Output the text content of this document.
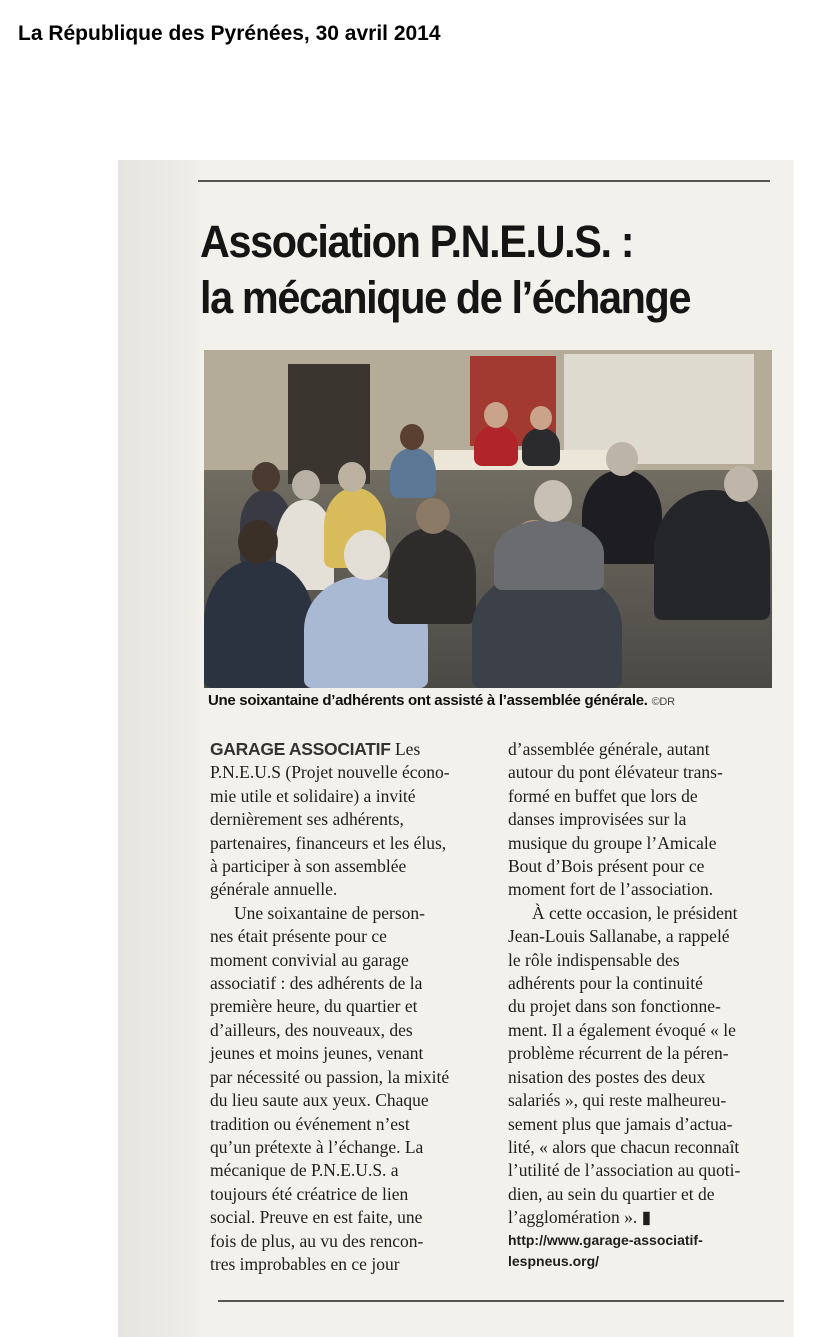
La République des Pyrénées, 30 avril 2014
Association P.N.E.U.S. :
la mécanique de l’échange
Une soixantaine d’adhérents ont assisté à l’assemblée générale. ©DR
GARAGE ASSOCIATIF Les
P.N.E.U.S (Projet nouvelle écono-
mie utile et solidaire) a invité
dernièrement ses adhérents,
partenaires, financeurs et les élus,
à participer à son assemblée
générale annuelle.
Une soixantaine de person-
nes était présente pour ce
moment convivial au garage
associatif : des adhérents de la
première heure, du quartier et
d’ailleurs, des nouveaux, des
jeunes et moins jeunes, venant
par nécessité ou passion, la mixité
du lieu saute aux yeux. Chaque
tradition ou événement n’est
qu’un prétexte à l’échange. La
mécanique de P.N.E.U.S. a
toujours été créatrice de lien
social. Preuve en est faite, une
fois de plus, au vu des rencon-
tres improbables en ce jour
d’assemblée générale, autant
autour du pont élévateur trans-
formé en buffet que lors de
danses improvisées sur la
musique du groupe l’Amicale
Bout d’Bois présent pour ce
moment fort de l’association.
À cette occasion, le président
Jean-Louis Sallanabe, a rappelé
le rôle indispensable des
adhérents pour la continuité
du projet dans son fonctionne-
ment. Il a également évoqué « le
problème récurrent de la péren-
nisation des postes des deux
salariés », qui reste malheureu-
sement plus que jamais d’actua-
lité, « alors que chacun reconnaît
l’utilité de l’association au quoti-
dien, au sein du quartier et de
l’agglomération ». ▮
http://www.garage-associatif-
lespneus.org/
